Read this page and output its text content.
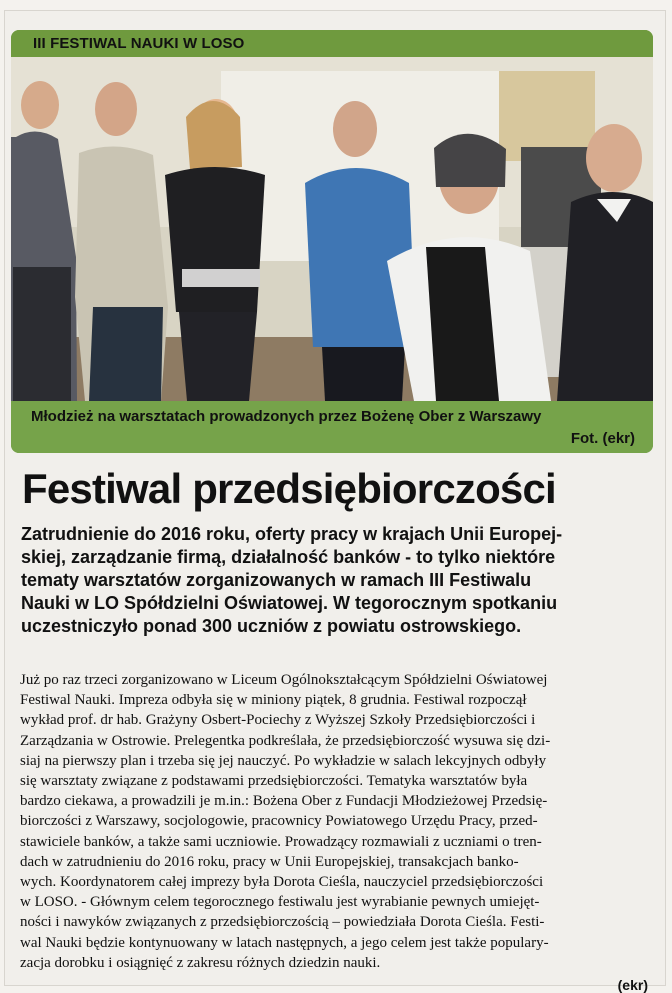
III FESTIWAL NAUKI W LOSO
Młodzież na warsztatach prowadzonych przez Bożenę Ober z Warszawy
Fot. (ekr)
Festiwal przedsiębiorczości
Zatrudnienie do 2016 roku, oferty pracy w krajach Unii Europej-
skiej, zarządzanie firmą, działalność banków - to tylko niektóre
tematy warsztatów zorganizowanych w ramach III Festiwalu
Nauki w LO Spółdzielni Oświatowej. W tegorocznym spotkaniu
uczestniczyło ponad 300 uczniów z powiatu ostrowskiego.
Już po raz trzeci zorganizowano w Liceum Ogólnokształcącym Spółdzielni Oświatowej
Festiwal Nauki. Impreza odbyła się w miniony piątek, 8 grudnia. Festiwal rozpoczął
wykład prof. dr hab. Grażyny Osbert-Pociechy z Wyższej Szkoły Przedsiębiorczości i
Zarządzania w Ostrowie. Prelegentka podkreślała, że przedsiębiorczość wysuwa się dzi-
siaj na pierwszy plan i trzeba się jej nauczyć. Po wykładzie w salach lekcyjnych odbyły
się warsztaty związane z podstawami przedsiębiorczości. Tematyka warsztatów była
bardzo ciekawa, a prowadzili je m.in.: Bożena Ober z Fundacji Młodzieżowej Przedsię-
biorczości z Warszawy, socjologowie, pracownicy Powiatowego Urzędu Pracy, przed-
stawiciele banków, a także sami uczniowie. Prowadzący rozmawiali z uczniami o tren-
dach w zatrudnieniu do 2016 roku, pracy w Unii Europejskiej, transakcjach banko-
wych. Koordynatorem całej imprezy była Dorota Cieśla, nauczyciel przedsiębiorczości
w LOSO. - Głównym celem tegorocznego festiwalu jest wyrabianie pewnych umiejęt-
ności i nawyków związanych z przedsiębiorczością – powiedziała Dorota Cieśla. Festi-
wal Nauki będzie kontynuowany w latach następnych, a jego celem jest także populary-
zacja dorobku i osiągnięć z zakresu różnych dziedzin nauki.
(ekr)
